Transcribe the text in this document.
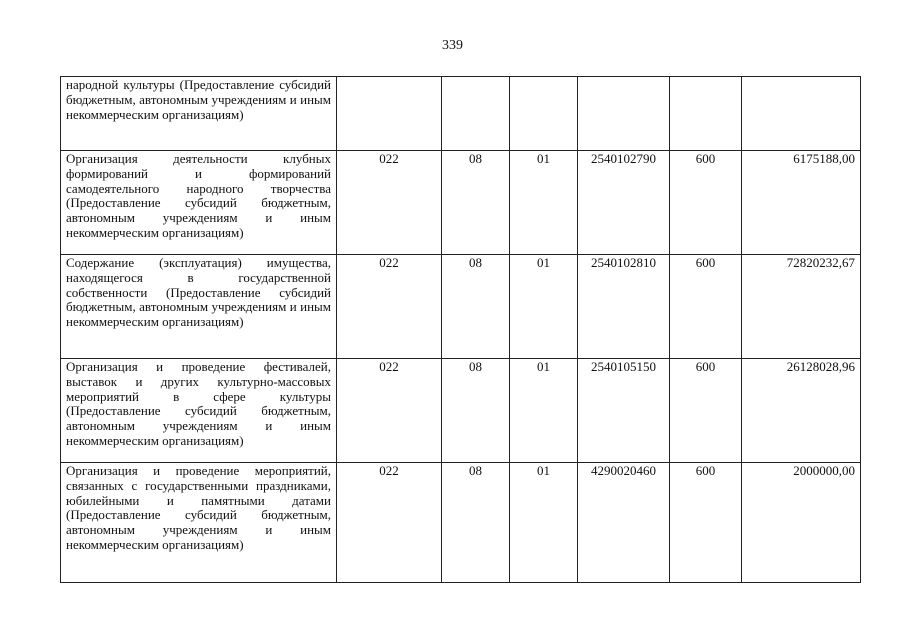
339
народной культуры (Предоставление субсидий бюджетным, автономным учреждениям и иным некоммерческим организациям)						
Организация деятельности клубных формирований и формирований самодеятельного народного творчества (Предоставление субсидий бюджетным, автономным учреждениям и иным некоммерческим организациям)	022	08	01	2540102790	600	6175188,00
Содержание (эксплуатация) имущества, находящегося в государственной собственности (Предоставление субсидий бюджетным, автономным учреждениям и иным некоммерческим организациям)	022	08	01	2540102810	600	72820232,67
Организация и проведение фестивалей, выставок и других культурно-массовых мероприятий в сфере культуры (Предоставление субсидий бюджетным, автономным учреждениям и иным некоммерческим организациям)	022	08	01	2540105150	600	26128028,96
Организация и проведение мероприятий, связанных с государственными праздниками, юбилейными и памятными датами (Предоставление субсидий бюджетным, автономным учреждениям и иным некоммерческим организациям)	022	08	01	4290020460	600	2000000,00
